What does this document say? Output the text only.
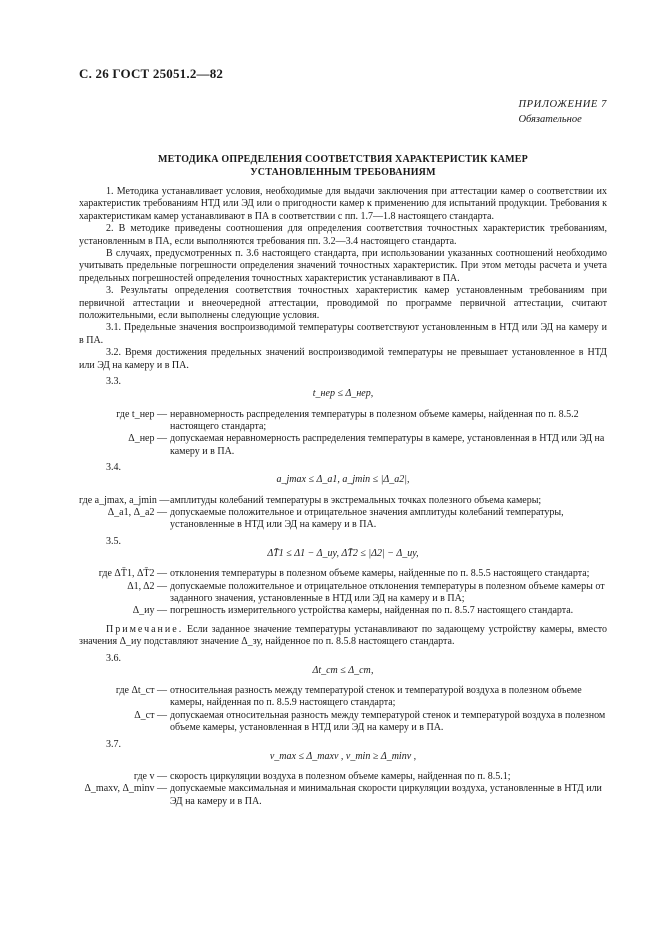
С. 26 ГОСТ 25051.2—82
ПРИЛОЖЕНИЕ 7
Обязательное
МЕТОДИКА ОПРЕДЕЛЕНИЯ СООТВЕТСТВИЯ ХАРАКТЕРИСТИК КАМЕР
УСТАНОВЛЕННЫМ ТРЕБОВАНИЯМ

1. Методика устанавливает условия, необходимые для выдачи заключения при аттестации камер о соответствии их характеристик требованиям НТД или ЭД или о пригодности камер к применению для испытаний продукции. Требования к характеристикам камер устанавливают в ПА в соответствии с пп. 1.7—1.8 настоящего стандарта.

2. В методике приведены соотношения для определения соответствия точностных характеристик требованиям, установленным в ПА, если выполняются требования пп. 3.2—3.4 настоящего стандарта.

В случаях, предусмотренных п. 3.6 настоящего стандарта, при использовании указанных соотношений необходимо учитывать предельные погрешности определения значений точностных характеристик. При этом методы расчета и учета предельных погрешностей определения точностных характеристик устанавливают в ПА.

3. Результаты определения соответствия точностных характеристик камер установленным требованиям при первичной аттестации и внеочередной аттестации, проводимой по программе первичной аттестации, считают положительными, если выполнены следующие условия.

3.1. Предельные значения воспроизводимой температуры соответствуют установленным в НТД или ЭД на камеру и в ПА.

3.2. Время достижения предельных значений воспроизводимой температуры не превышает установленное в НТД или ЭД на камеру и в ПА.

3.3.
t_нер ≤ Δ_нер,
где t_нер — неравномерность распределения температуры в полезном объеме камеры, найденная по п. 8.5.2 настоящего стандарта;
Δ_нер — допускаемая неравномерность распределения температуры в камере, установленная в НТД или ЭД на камеру и в ПА.
3.4.
a_jmax ≤ Δ_a1, a_jmin ≤ |Δ_a2|,
где a_jmax, a_jmin — амплитуды колебаний температуры в экстремальных точках полезного объема камеры;
Δ_a1, Δ_a2 — допускаемые положительное и отрицательное значения амплитуды колебаний температуры, установленные в НТД или ЭД на камеру и в ПА.
3.5.
ΔT̄1 ≤ Δ1 − Δ_иу, ΔT̄2 ≤ |Δ2| − Δ_иу,
где ΔT̄1, ΔT̄2 — отклонения температуры в полезном объеме камеры, найденные по п. 8.5.5 настоящего стандарта;
Δ1, Δ2 — допускаемые положительное и отрицательное отклонения температуры в полезном объеме камеры от заданного значения, установленные в НТД или ЭД на камеру и в ПА;
Δ_иу — погрешность измерительного устройства камеры, найденная по п. 8.5.7 настоящего стандарта.

Примечание. Если заданное значение температуры устанавливают по задающему устройству камеры, вместо значения Δ_иу подставляют значение Δ_зу, найденное по п. 8.5.8 настоящего стандарта.

3.6.
Δt_ст ≤ Δ_ст,
где Δt_ст — относительная разность между температурой стенок и температурой воздуха в полезном объеме камеры, найденная по п. 8.5.9 настоящего стандарта;
Δ_ст — допускаемая относительная разность между температурой стенок и температурой воздуха в полезном объеме камеры, установленная в НТД или ЭД на камеру и в ПА.
3.7.
v_max ≤ Δ_maxv , v_min ≥ Δ_minv ,
где v — скорость циркуляции воздуха в полезном объеме камеры, найденная по п. 8.5.1;
Δ_maxv, Δ_minv — допускаемые максимальная и минимальная скорости циркуляции воздуха, установленные в НТД или ЭД на камеру и в ПА.
